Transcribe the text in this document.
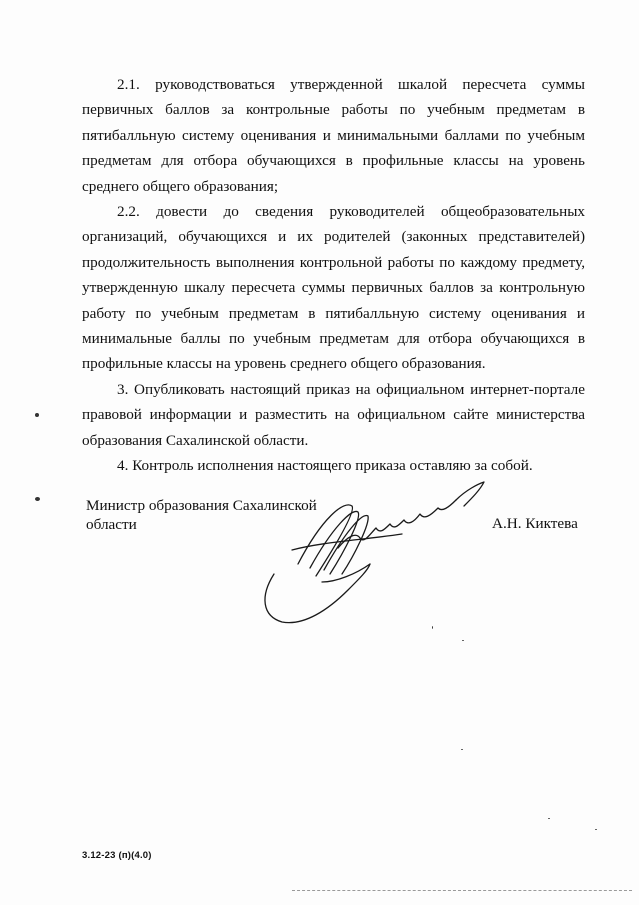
2.1. руководствоваться утвержденной шкалой пересчета суммы первичных баллов за контрольные работы по учебным предметам в пятибалльную систему оценивания и минимальными баллами по учебным предметам для отбора обучающихся в профильные классы на уровень среднего общего образования;

2.2. довести до сведения руководителей общеобразовательных организаций, обучающихся и их родителей (законных представителей) продолжительность выполнения контрольной работы по каждому предмету, утвержденную шкалу пересчета суммы первичных баллов за контрольную работу по учебным предметам в пятибалльную систему оценивания и минимальные баллы по учебным предметам для отбора обучающихся в профильные классы на уровень среднего общего образования.

3. Опубликовать настоящий приказ на официальном интернет-портале правовой информации и разместить на официальном сайте министерства образования Сахалинской области.

4. Контроль исполнения настоящего приказа оставляю за собой.

Министр образования Сахалинской
области	А.Н. Киктева
3.12-23 (п)(4.0)
